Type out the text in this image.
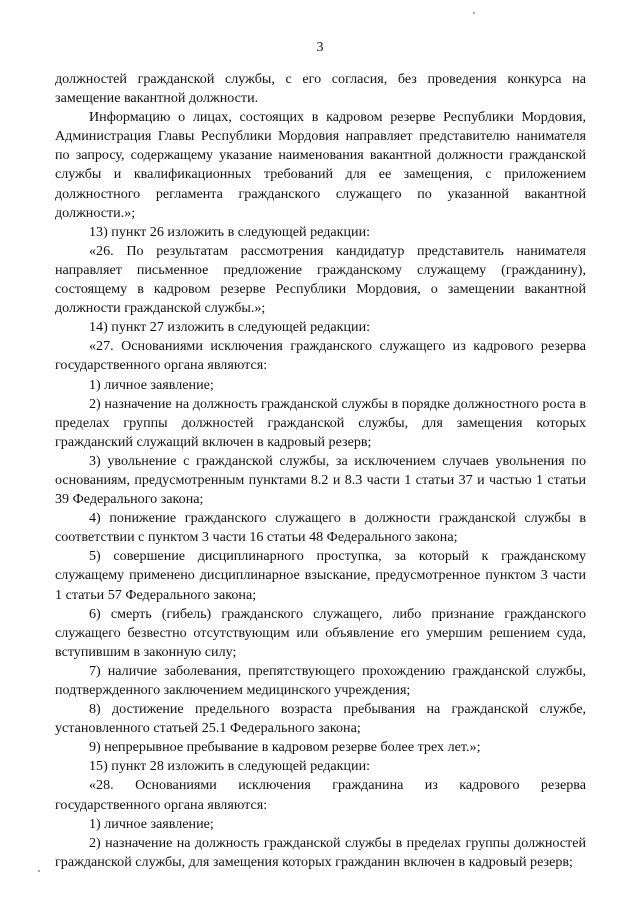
3

должностей гражданской службы, с его согласия, без проведения конкурса на замещение вакантной должности.

Информацию о лицах, состоящих в кадровом резерве Республики Мордовия, Администрация Главы Республики Мордовия направляет представителю нанимателя по запросу, содержащему указание наименования вакантной должности гражданской службы и квалификационных требований для ее замещения, с приложением должностного регламента гражданского служащего по указанной вакантной должности.»;

13) пункт 26 изложить в следующей редакции:

«26. По результатам рассмотрения кандидатур представитель нанимателя направляет письменное предложение гражданскому служащему (гражданину), состоящему в кадровом резерве Республики Мордовия, о замещении вакантной должности гражданской службы.»;

14) пункт 27 изложить в следующей редакции:

«27. Основаниями исключения гражданского служащего из кадрового резерва государственного органа являются:

1) личное заявление;

2) назначение на должность гражданской службы в порядке должностного роста в пределах группы должностей гражданской службы, для замещения которых гражданский служащий включен в кадровый резерв;

3) увольнение с гражданской службы, за исключением случаев увольнения по основаниям, предусмотренным пунктами 8.2 и 8.3 части 1 статьи 37 и частью 1 статьи 39 Федерального закона;

4) понижение гражданского служащего в должности гражданской службы в соответствии с пунктом 3 части 16 статьи 48 Федерального закона;

5) совершение дисциплинарного проступка, за который к гражданскому служащему применено дисциплинарное взыскание, предусмотренное пунктом 3 части 1 статьи 57 Федерального закона;

6) смерть (гибель) гражданского служащего, либо признание гражданского служащего безвестно отсутствующим или объявление его умершим решением суда, вступившим в законную силу;

7) наличие заболевания, препятствующего прохождению гражданской службы, подтвержденного заключением медицинского учреждения;

8) достижение предельного возраста пребывания на гражданской службе, установленного статьей 25.1 Федерального закона;

9) непрерывное пребывание в кадровом резерве более трех лет.»;

15) пункт 28 изложить в следующей редакции:

«28. Основаниями исключения гражданина из кадрового резерва государственного органа являются:

1) личное заявление;

2) назначение на должность гражданской службы в пределах группы должностей гражданской службы, для замещения которых гражданин включен в кадровый резерв;
